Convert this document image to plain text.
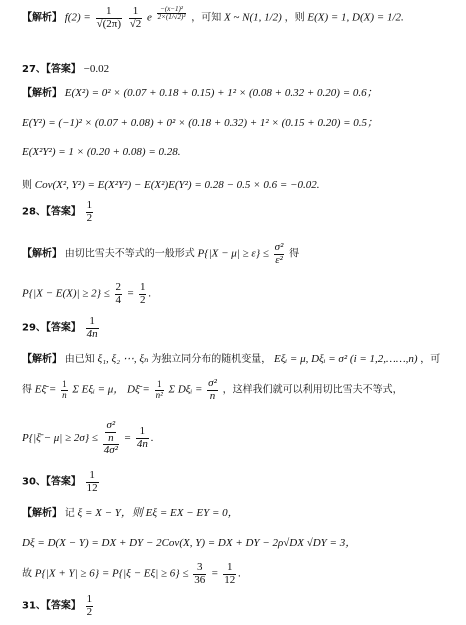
【解析】 $f(2) = \frac{1}{√(2\pi)}$
$\frac{1}{√2}$ e $\frac{\text{−(x−1)²}}{\text{2×(1/√2)²}}$ ，可知 X ~ N(1, 1/2) ，则 E(X) = 1, D(X) = 1/2.
27、【答案】 −0.02
【解析】 E(X²) = 0² × (0.07 + 0.18 + 0.15) + 1² × (0.08 + 0.32 + 0.20) = 0.6；
E(Y²) = (−1)² × (0.07 + 0.08) + 0² × (0.18 + 0.32) + 1² × (0.15 + 0.20) = 0.5；
E(X²Y²) = 1 × (0.20 + 0.08) = 0.28.
则 Cov(X², Y²) = E(X²Y²) − E(X²)E(Y²) = 0.28 − 0.5 × 0.6 = −0.02.
28、【答案】 $\frac{1}{2}$
【解析】 由切比雪夫不等式的一般形式 $P\{|X - \mu| \ge \varepsilon\} \le \frac{\text{σ²}}{\text{ε²}}$ 得
$P\{|X - E(X)| \ge 2\} \le \frac{2}{4} = \frac{1}{2}$ .
29、【答案】 $\frac{1}{4n}$
【解析】 由已知 ξ₁, ξ₂ ⋯, ξₙ 为独立同分布的随机变量， Eξᵢ = μ, Dξᵢ = σ² (i = 1,2,……,n) ，可
得 Eξ̄ = $\frac{1}{n}$ Σ Eξᵢ = μ， Dξ̄ = $\frac{1}{\text{n²}}$ Σ Dξᵢ = $\frac{\text{σ²}}{n}$ ，这样我们就可以利用切比雪夫不等式，
P{|ξ̄ − $\mu| \ge 2\sigma\} \le \frac{\frac{\text{σ²}}{n}}{\text{4σ²}} = \frac{1}{4n}$ .
30、【答案】 $\frac{1}{12}$
【解析】 记 ξ = X − Y，则 Eξ = EX − EY = 0，
Dξ = D(X − Y) = DX + DY − 2Cov(X, Y) = DX + DY − 2ρ√DX √DY = 3，
故 $P\{|X + Y| \ge 6\} = P\{|\xi - E\xi| \ge 6\} \le \frac{3}{36} = \frac{1}{12}$ .
31、【答案】 $\frac{1}{2}$
